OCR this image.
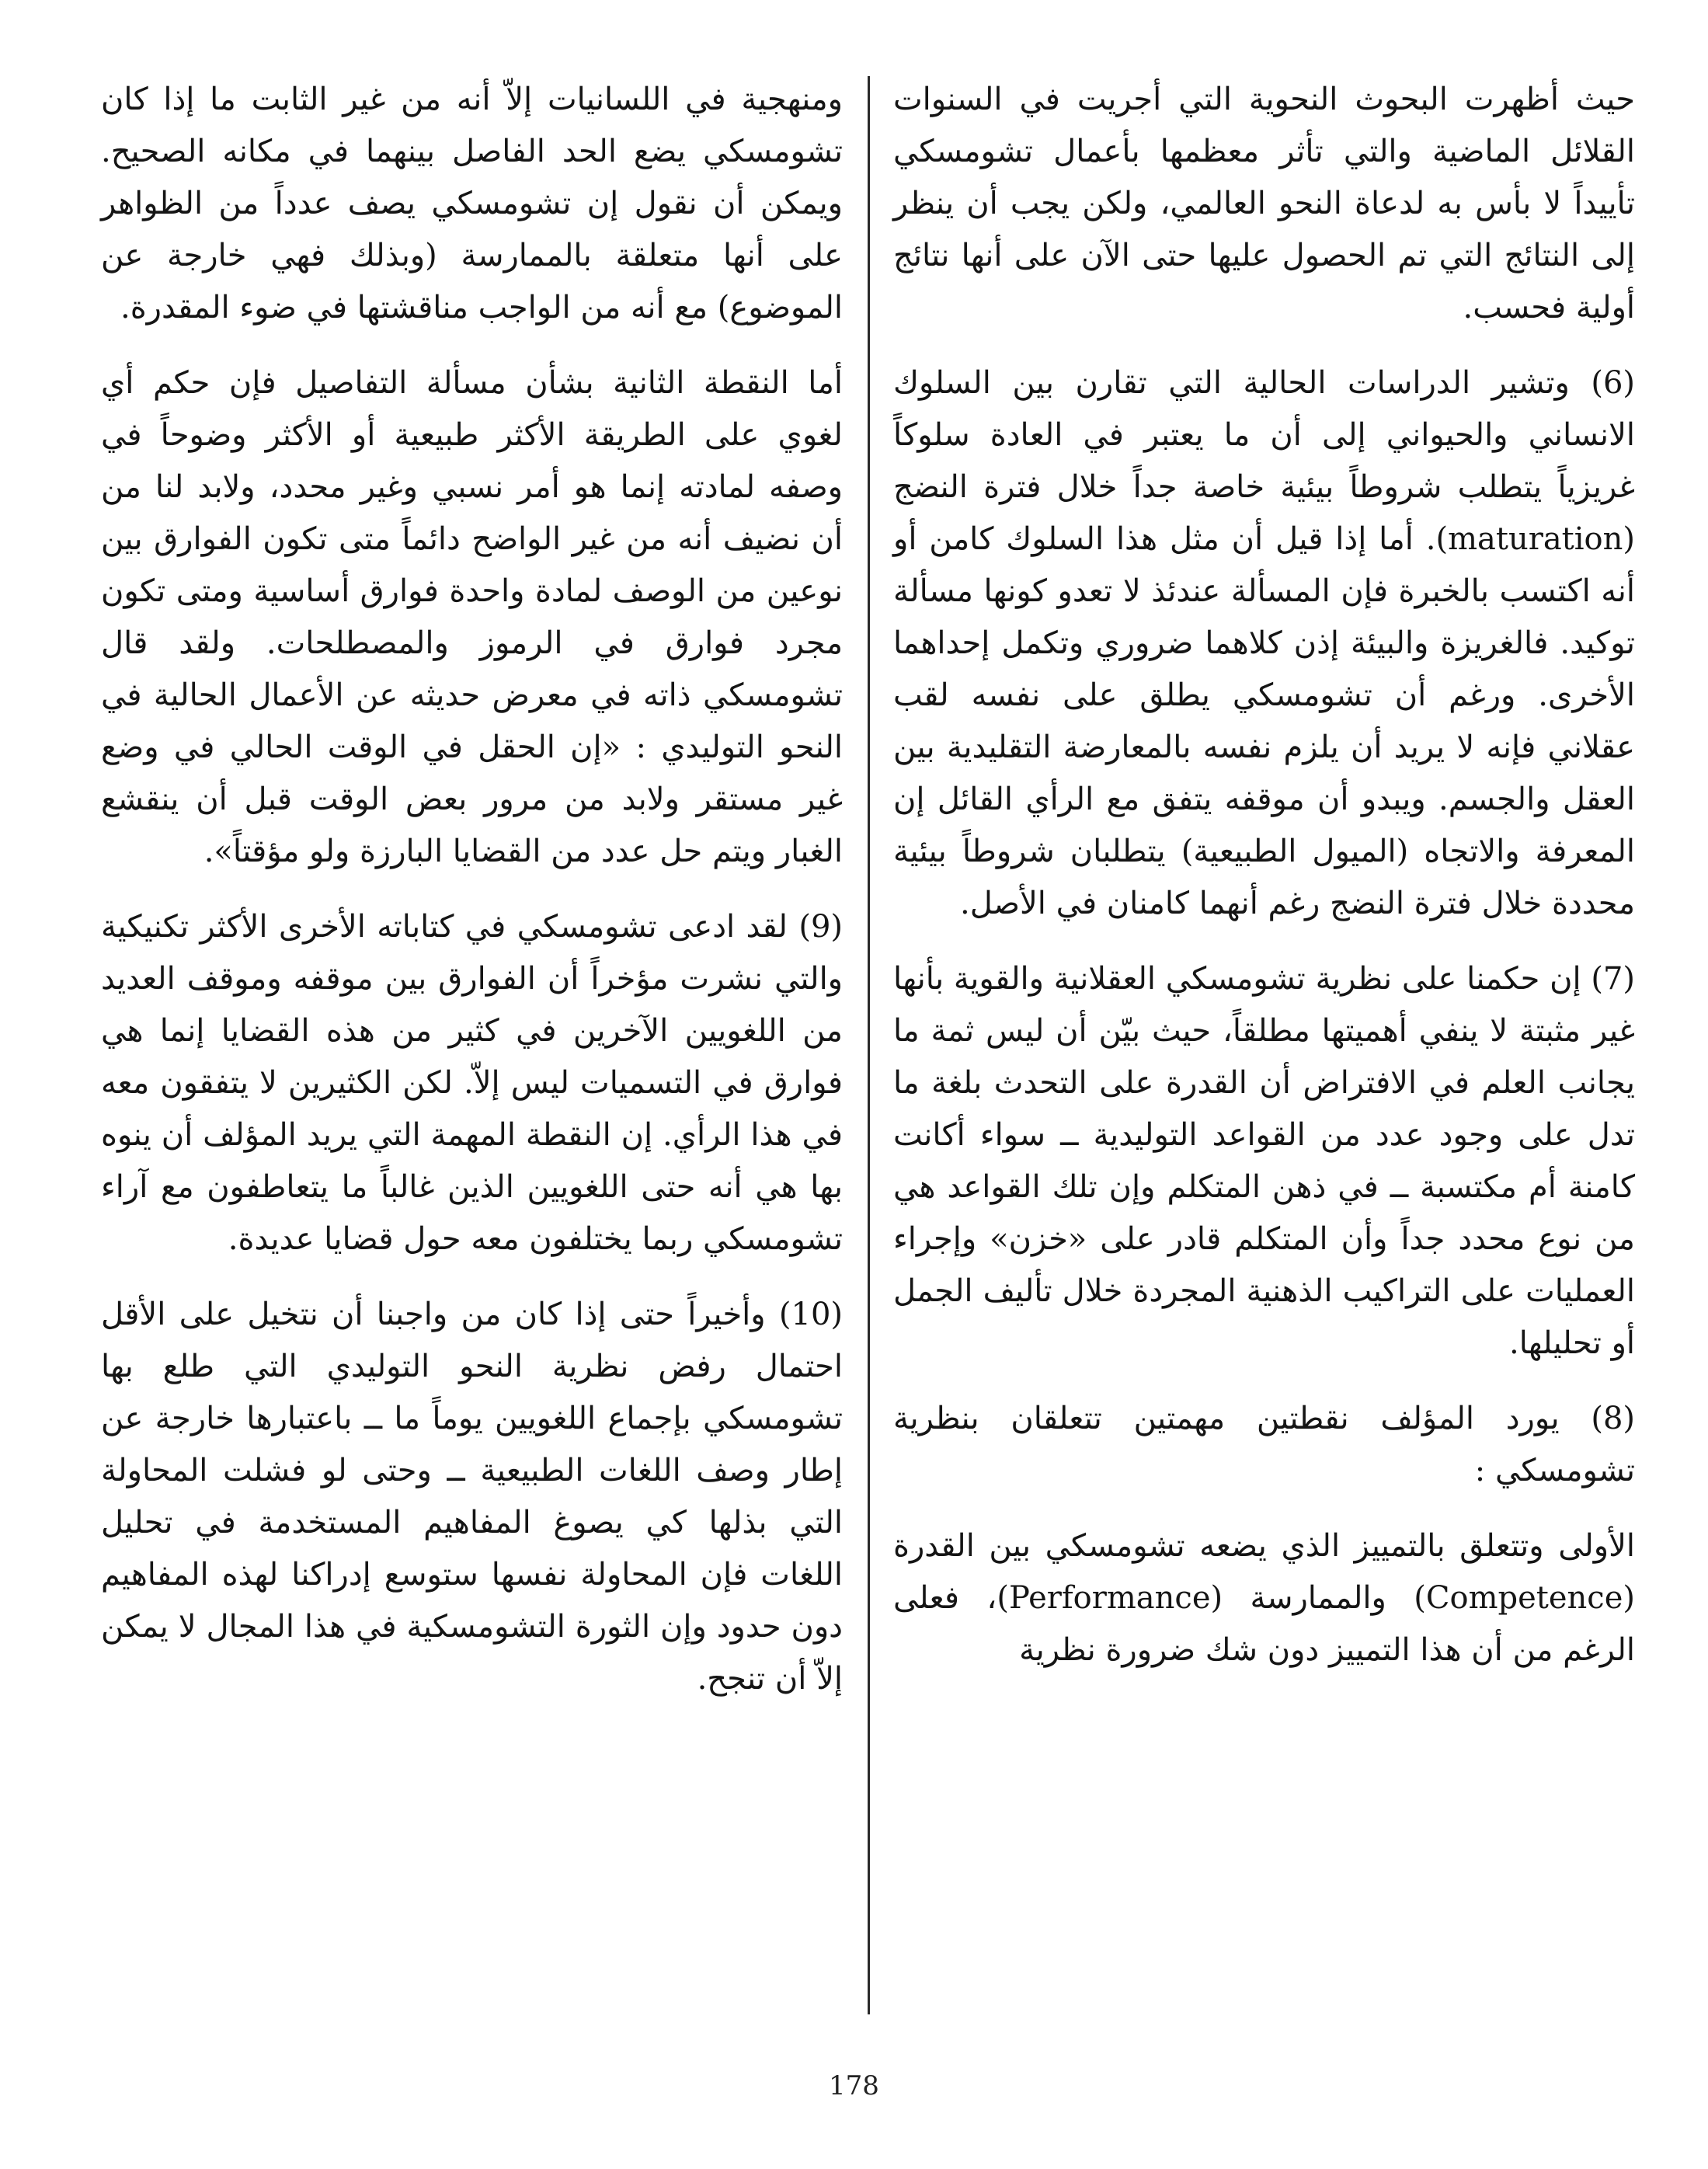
حيث أظهرت البحوث النحوية التي أجريت في السنوات القلائل الماضية والتي تأثر معظمها بأعمال تشومسكي تأييداً لا بأس به لدعاة النحو العالمي، ولكن يجب أن ينظر إلى النتائج التي تم الحصول عليها حتى الآن على أنها نتائج أولية فحسب.

(6) وتشير الدراسات الحالية التي تقارن بين السلوك الانساني والحيواني إلى أن ما يعتبر في العادة سلوكاً غريزياً يتطلب شروطاً بيئية خاصة جداً خلال فترة النضج (maturation). أما إذا قيل أن مثل هذا السلوك كامن أو أنه اكتسب بالخبرة فإن المسألة عندئذ لا تعدو كونها مسألة توكيد. فالغريزة والبيئة إذن كلاهما ضروري وتكمل إحداهما الأخرى. ورغم أن تشومسكي يطلق على نفسه لقب عقلاني فإنه لا يريد أن يلزم نفسه بالمعارضة التقليدية بين العقل والجسم. ويبدو أن موقفه يتفق مع الرأي القائل إن المعرفة والاتجاه (الميول الطبيعية) يتطلبان شروطاً بيئية محددة خلال فترة النضج رغم أنهما كامنان في الأصل.

(7) إن حكمنا على نظرية تشومسكي العقلانية والقوية بأنها غير مثبتة لا ينفي أهميتها مطلقاً، حيث بيّن أن ليس ثمة ما يجانب العلم في الافتراض أن القدرة على التحدث بلغة ما تدل على وجود عدد من القواعد التوليدية ــ سواء أكانت كامنة أم مكتسبة ــ في ذهن المتكلم وإن تلك القواعد هي من نوع محدد جداً وأن المتكلم قادر على «خزن» وإجراء العمليات على التراكيب الذهنية المجردة خلال تأليف الجمل أو تحليلها.

(8) يورد المؤلف نقطتين مهمتين تتعلقان بنظرية تشومسكي :

الأولى وتتعلق بالتمييز الذي يضعه تشومسكي بين القدرة (Competence) والممارسة (Performance)، فعلى الرغم من أن هذا التمييز دون شك ضرورة نظرية

ومنهجية في اللسانيات إلاّ أنه من غير الثابت ما إذا كان تشومسكي يضع الحد الفاصل بينهما في مكانه الصحيح. ويمكن أن نقول إن تشومسكي يصف عدداً من الظواهر على أنها متعلقة بالممارسة (وبذلك فهي خارجة عن الموضوع) مع أنه من الواجب مناقشتها في ضوء المقدرة.

أما النقطة الثانية بشأن مسألة التفاصيل فإن حكم أي لغوي على الطريقة الأكثر طبيعية أو الأكثر وضوحاً في وصفه لمادته إنما هو أمر نسبي وغير محدد، ولابد لنا من أن نضيف أنه من غير الواضح دائماً متى تكون الفوارق بين نوعين من الوصف لمادة واحدة فوارق أساسية ومتى تكون مجرد فوارق في الرموز والمصطلحات. ولقد قال تشومسكي ذاته في معرض حديثه عن الأعمال الحالية في النحو التوليدي : «إن الحقل في الوقت الحالي في وضع غير مستقر ولابد من مرور بعض الوقت قبل أن ينقشع الغبار ويتم حل عدد من القضايا البارزة ولو مؤقتاً».

(9) لقد ادعى تشومسكي في كتاباته الأخرى الأكثر تكنيكية والتي نشرت مؤخراً أن الفوارق بين موقفه وموقف العديد من اللغويين الآخرين في كثير من هذه القضايا إنما هي فوارق في التسميات ليس إلاّ. لكن الكثيرين لا يتفقون معه في هذا الرأي. إن النقطة المهمة التي يريد المؤلف أن ينوه بها هي أنه حتى اللغويين الذين غالباً ما يتعاطفون مع آراء تشومسكي ربما يختلفون معه حول قضايا عديدة.

(10) وأخيراً حتى إذا كان من واجبنا أن نتخيل على الأقل احتمال رفض نظرية النحو التوليدي التي طلع بها تشومسكي بإجماع اللغويين يوماً ما ــ باعتبارها خارجة عن إطار وصف اللغات الطبيعية ــ وحتى لو فشلت المحاولة التي بذلها كي يصوغ المفاهيم المستخدمة في تحليل اللغات فإن المحاولة نفسها ستوسع إدراكنا لهذه المفاهيم دون حدود وإن الثورة التشومسكية في هذا المجال لا يمكن إلاّ أن تنجح.

178
